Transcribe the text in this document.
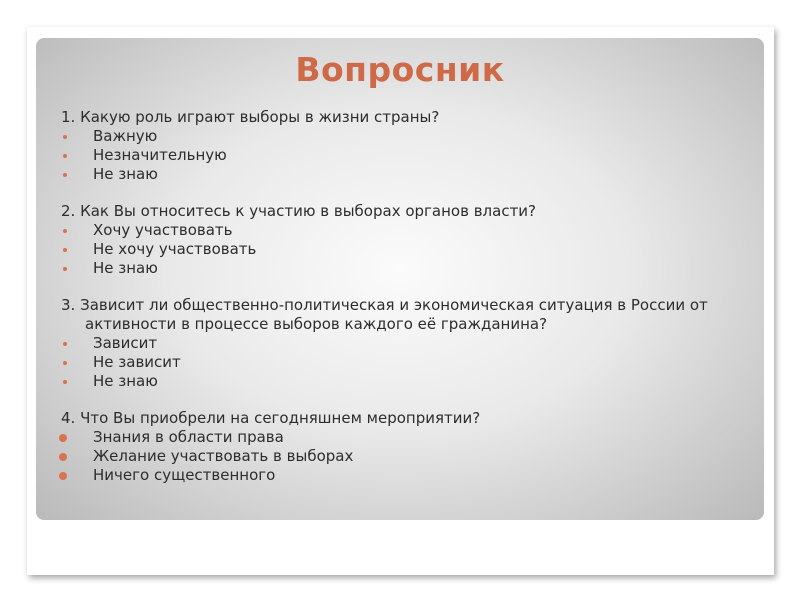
Вопросник

1. Какую роль играют выборы в жизни страны?

Важную
Незначительную
Не знаю

2. Как Вы относитесь к участию в выборах органов власти?

Хочу участвовать
Не хочу участвовать
Не знаю

3. Зависит ли общественно-политическая и экономическая ситуация в России от активности в процессе выборов каждого её гражданина?

Зависит
Не зависит
Не знаю

4. Что Вы приобрели на сегодняшнем мероприятии?

Знания в области права
Желание участвовать в выборах
Ничего существенного
